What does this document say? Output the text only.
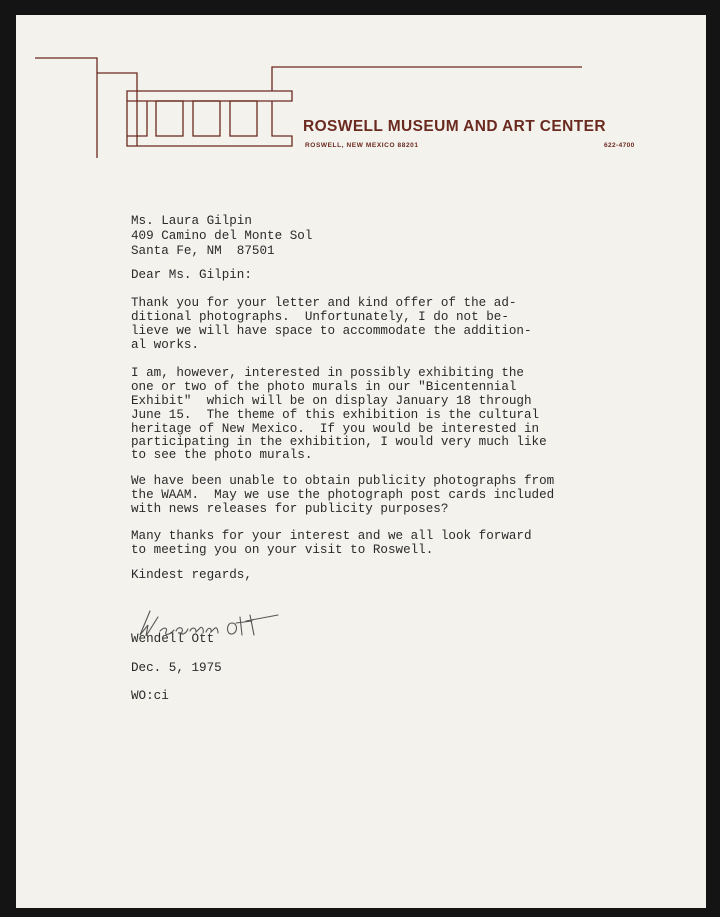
ROSWELL MUSEUM AND ART CENTER
ROSWELL, NEW MEXICO 88201	622-4700
Ms. Laura Gilpin
409 Camino del Monte Sol
Santa Fe, NM  87501
Dear Ms. Gilpin:
Thank you for your letter and kind offer of the ad-
ditional photographs.  Unfortunately, I do not be-
lieve we will have space to accommodate the addition-
al works.
I am, however, interested in possibly exhibiting the
one or two of the photo murals in our "Bicentennial
Exhibit"  which will be on display January 18 through
June 15.  The theme of this exhibition is the cultural
heritage of New Mexico.  If you would be interested in
participating in the exhibition, I would very much like
to see the photo murals.
We have been unable to obtain publicity photographs from
the WAAM.  May we use the photograph post cards included
with news releases for publicity purposes?
Many thanks for your interest and we all look forward
to meeting you on your visit to Roswell.
Kindest regards,
Wendell Ott
Dec. 5, 1975
WO:ci
